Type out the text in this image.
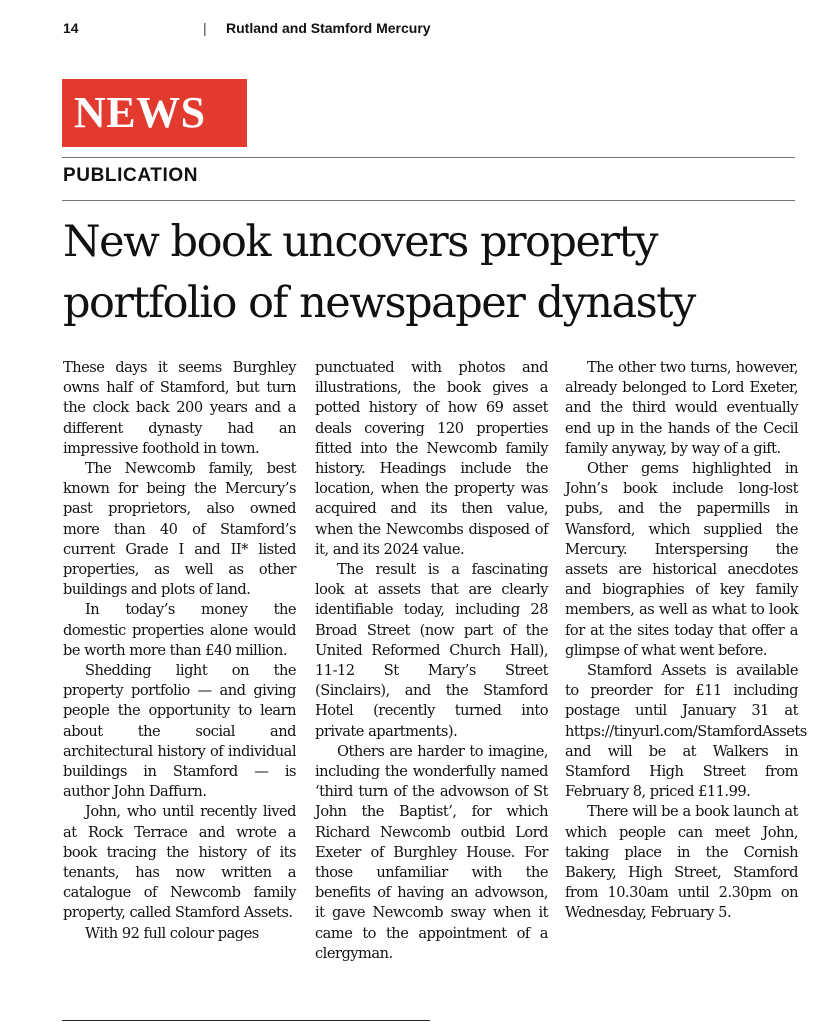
14	| Rutland and Stamford Mercury
NEWS
PUBLICATION
New book uncovers property portfolio of newspaper dynasty

These days it seems Burghley owns half of Stamford, but turn the clock back 200 years and a different dynasty had an impressive foothold in town.

The Newcomb family, best known for being the Mercury’s past proprietors, also owned more than 40 of Stamford’s current Grade I and II* listed properties, as well as other buildings and plots of land.

In today’s money the domestic properties alone would be worth more than £40 million.

Shedding light on the property portfolio — and giving people the opportunity to learn about the social and architectural history of individual buildings in Stamford — is author John Daffurn.

John, who until recently lived at Rock Terrace and wrote a book tracing the history of its tenants, has now written a catalogue of Newcomb family property, called Stamford Assets.

With 92 full colour pages

punctuated with photos and illustrations, the book gives a potted history of how 69 asset deals covering 120 properties fitted into the Newcomb family history. Headings include the location, when the property was acquired and its then value, when the Newcombs disposed of it, and its 2024 value.

The result is a fascinating look at assets that are clearly identifiable today, including 28 Broad Street (now part of the United Reformed Church Hall), 11-12 St Mary’s Street (Sinclairs), and the Stamford Hotel (recently turned into private apartments).

Others are harder to imagine, including the wonderfully named ‘third turn of the advowson of St John the Baptist’, for which Richard Newcomb outbid Lord Exeter of Burghley House. For those unfamiliar with the benefits of having an advowson, it gave Newcomb sway when it came to the appointment of a clergyman.

The other two turns, however, already belonged to Lord Exeter, and the third would eventually end up in the hands of the Cecil family anyway, by way of a gift.

Other gems highlighted in John’s book include long-lost pubs, and the papermills in Wansford, which supplied the Mercury. Interspersing the assets are historical anecdotes and biographies of key family members, as well as what to look for at the sites today that offer a glimpse of what went before.

Stamford Assets is available to preorder for £11 including postage until January 31 at https://tinyurl.com/StamfordAssets and will be at Walkers in Stamford High Street from February 8, priced £11.99.

There will be a book launch at which people can meet John, taking place in the Cornish Bakery, High Street, Stamford from 10.30am until 2.30pm on Wednesday, February 5.
